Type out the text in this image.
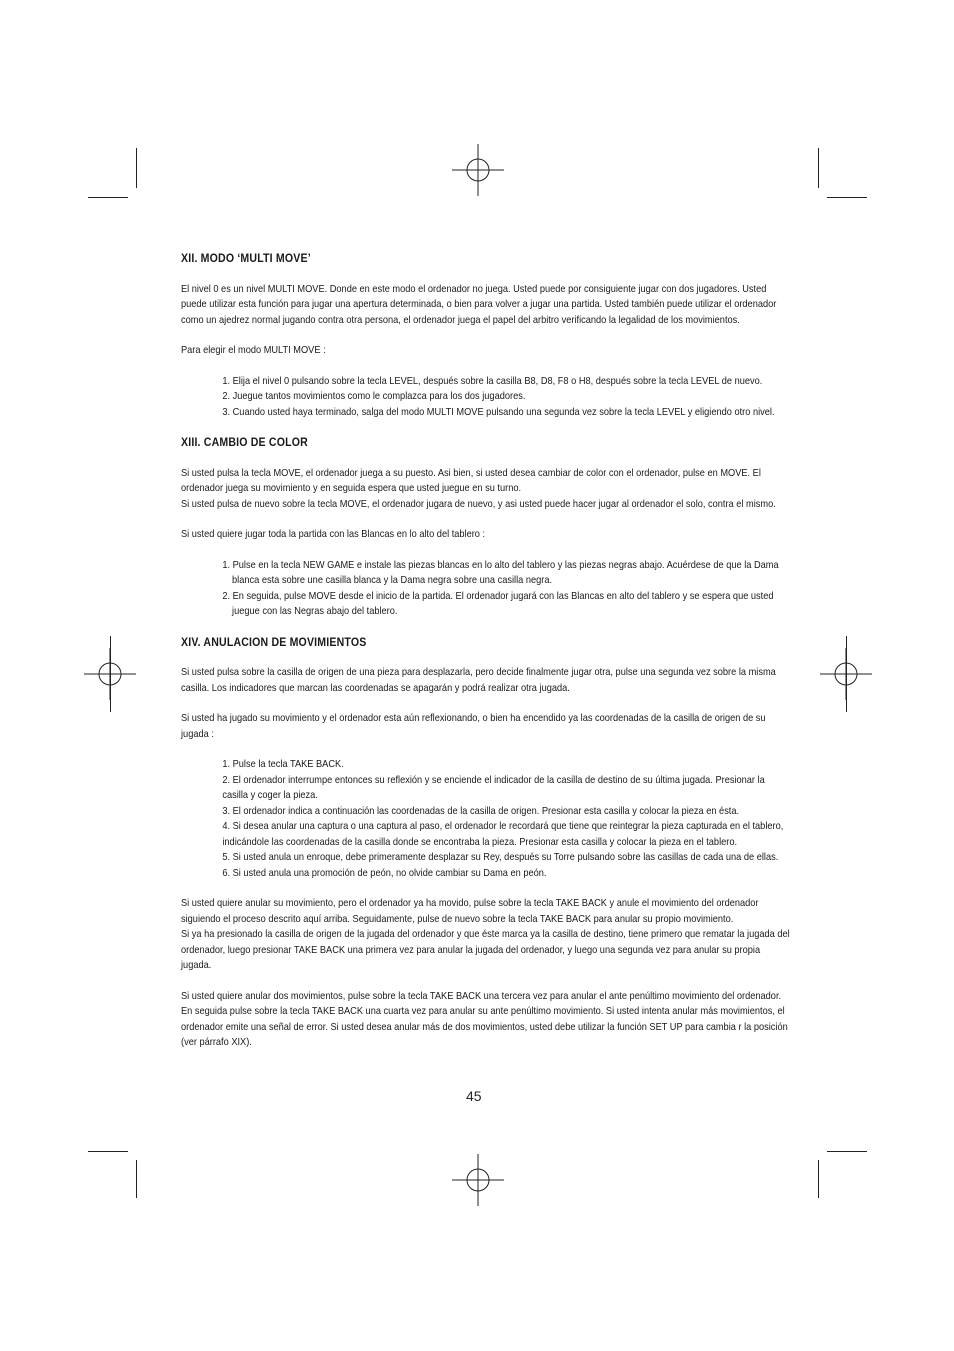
XII. MODO ‘MULTI MOVE’

El nivel 0 es un nivel MULTI MOVE. Donde en este modo el ordenador no juega. Usted puede por consiguiente jugar con dos jugadores. Usted puede utilizar esta función para jugar una apertura determinada, o bien para volver a jugar una partida. Usted también puede utilizar el ordenador como un ajedrez normal jugando contra otra persona, el ordenador juega el papel del arbitro verificando la legalidad de los movimientos.

Para elegir el modo MULTI MOVE :

1. Elija el nivel 0 pulsando sobre la tecla LEVEL, después sobre la casilla B8, D8, F8 o H8, después sobre la tecla LEVEL de nuevo.
2. Juegue tantos movimientos como le complazca para los dos jugadores.
3. Cuando usted haya terminado, salga del modo MULTI MOVE pulsando una segunda vez sobre la tecla LEVEL y eligiendo otro nivel.
XIII. CAMBIO DE COLOR

Si usted pulsa la tecla MOVE, el ordenador juega a su puesto. Asi bien, si usted desea cambiar de color con el ordenador, pulse en MOVE. El ordenador juega su movimiento y en seguida espera que usted juegue en su turno.

Si usted pulsa de nuevo sobre la tecla MOVE, el ordenador jugara de nuevo, y asi usted puede hacer jugar al ordenador el solo, contra el mismo.

Si usted quiere jugar toda la partida con las Blancas en lo alto del tablero :

1. Pulse en la tecla NEW GAME e instale las piezas blancas en lo alto del tablero y las piezas negras abajo. Acuérdese de que la Dama blanca esta sobre une casilla blanca y la Dama negra sobre una casilla negra.
2. En seguida, pulse MOVE desde el inicio de la partida. El ordenador jugará con las Blancas en alto del tablero y se espera que usted juegue con las Negras abajo del tablero.
XIV. ANULACION DE MOVIMIENTOS

Si usted pulsa sobre la casilla de origen de una pieza para desplazarla, pero decide finalmente jugar otra, pulse una segunda vez sobre la misma casilla. Los indicadores que marcan las coordenadas se apagarán y podrá realizar otra jugada.

Si usted ha jugado su movimiento y el ordenador esta aún reflexionando, o bien ha encendido ya las coordenadas de la casilla de origen de su jugada :

1. Pulse la tecla TAKE BACK.
2. El ordenador interrumpe entonces su reflexión y se enciende el indicador de la casilla de destino de su última jugada. Presionar la casilla y coger la pieza.
3. El ordenador indica a continuación las coordenadas de la casilla de origen. Presionar esta casilla y colocar la pieza en ésta.
4. Si desea anular una captura o una captura al paso, el ordenador le recordará que tiene que reintegrar la pieza capturada en el tablero, indicándole las coordenadas de la casilla donde se encontraba la pieza. Presionar esta casilla y colocar la pieza en el tablero.
5. Si usted anula un enroque, debe primeramente desplazar su Rey, después su Torre pulsando sobre las casillas de cada una de ellas.
6. Si usted anula una promoción de peón, no olvide cambiar su Dama en peón.

Si usted quiere anular su movimiento, pero el ordenador ya ha movido, pulse sobre la tecla TAKE BACK y anule el movimiento del ordenador siguiendo el proceso descrito aquí arriba. Seguidamente, pulse de nuevo sobre la tecla TAKE BACK para anular su propio movimiento.

Si ya ha presionado la casilla de origen de la jugada del ordenador y que éste marca ya la casilla de destino, tiene primero que rematar la jugada del ordenador, luego presionar TAKE BACK una primera vez para anular la jugada del ordenador, y luego una segunda vez para anular su propia jugada.

Si usted quiere anular dos movimientos, pulse sobre la tecla TAKE BACK una tercera vez para anular el ante penúltimo movimiento del ordenador. En seguida pulse sobre la tecla TAKE BACK una cuarta vez para anular su ante penúltimo movimiento. Si usted intenta anular más movimientos, el ordenador emite una señal de error. Si usted desea anular más de dos movimientos, usted debe utilizar la función SET UP para cambia r la posición (ver párrafo XIX).

45
